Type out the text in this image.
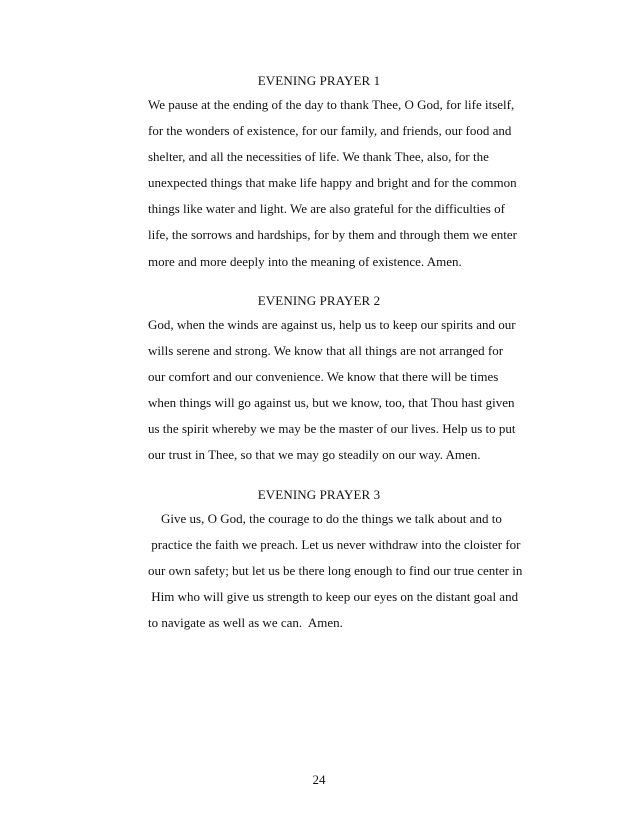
EVENING PRAYER 1
We pause at the ending of the day to thank Thee, O God, for life itself,
for the wonders of existence, for our family, and friends, our food and
shelter, and all the necessities of life. We thank Thee, also, for the
unexpected things that make life happy and bright and for the common
things like water and light. We are also grateful for the difficulties of
life, the sorrows and hardships, for by them and through them we enter
more and more deeply into the meaning of existence. Amen.
EVENING PRAYER 2
God, when the winds are against us, help us to keep our spirits and our
wills serene and strong. We know that all things are not arranged for
our comfort and our convenience. We know that there will be times
when things will go against us, but we know, too, that Thou hast given
us the spirit whereby we may be the master of our lives. Help us to put
our trust in Thee, so that we may go steadily on our way. Amen.
EVENING PRAYER 3
Give us, O God, the courage to do the things we talk about and to
practice the faith we preach. Let us never withdraw into the cloister for
our own safety; but let us be there long enough to find our true center in
Him who will give us strength to keep our eyes on the distant goal and
to navigate as well as we can.  Amen.
24
